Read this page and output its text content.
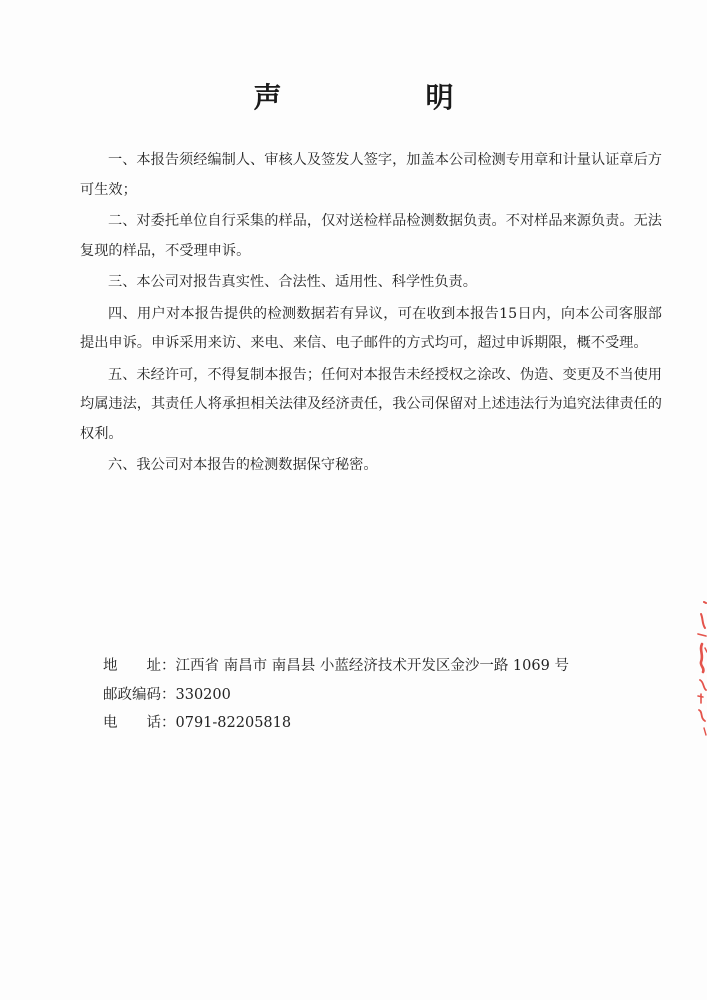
声　明

一、本报告须经编制人、审核人及签发人签字，加盖本公司检测专用章和计量认证章后方可生效；

二、对委托单位自行采集的样品，仅对送检样品检测数据负责。不对样品来源负责。无法复现的样品，不受理申诉。

三、本公司对报告真实性、合法性、适用性、科学性负责。

四、用户对本报告提供的检测数据若有异议，可在收到本报告15日内，向本公司客服部提出申诉。申诉采用来访、来电、来信、电子邮件的方式均可，超过申诉期限，概不受理。

五、未经许可，不得复制本报告；任何对本报告未经授权之涂改、伪造、变更及不当使用均属违法，其责任人将承担相关法律及经济责任，我公司保留对上述违法行为追究法律责任的权利。

六、我公司对本报告的检测数据保守秘密。

地　　址：江西省 南昌市 南昌县 小蓝经济技术开发区金沙一路 1069 号
邮政编码：330200
电　　话：0791-82205818
